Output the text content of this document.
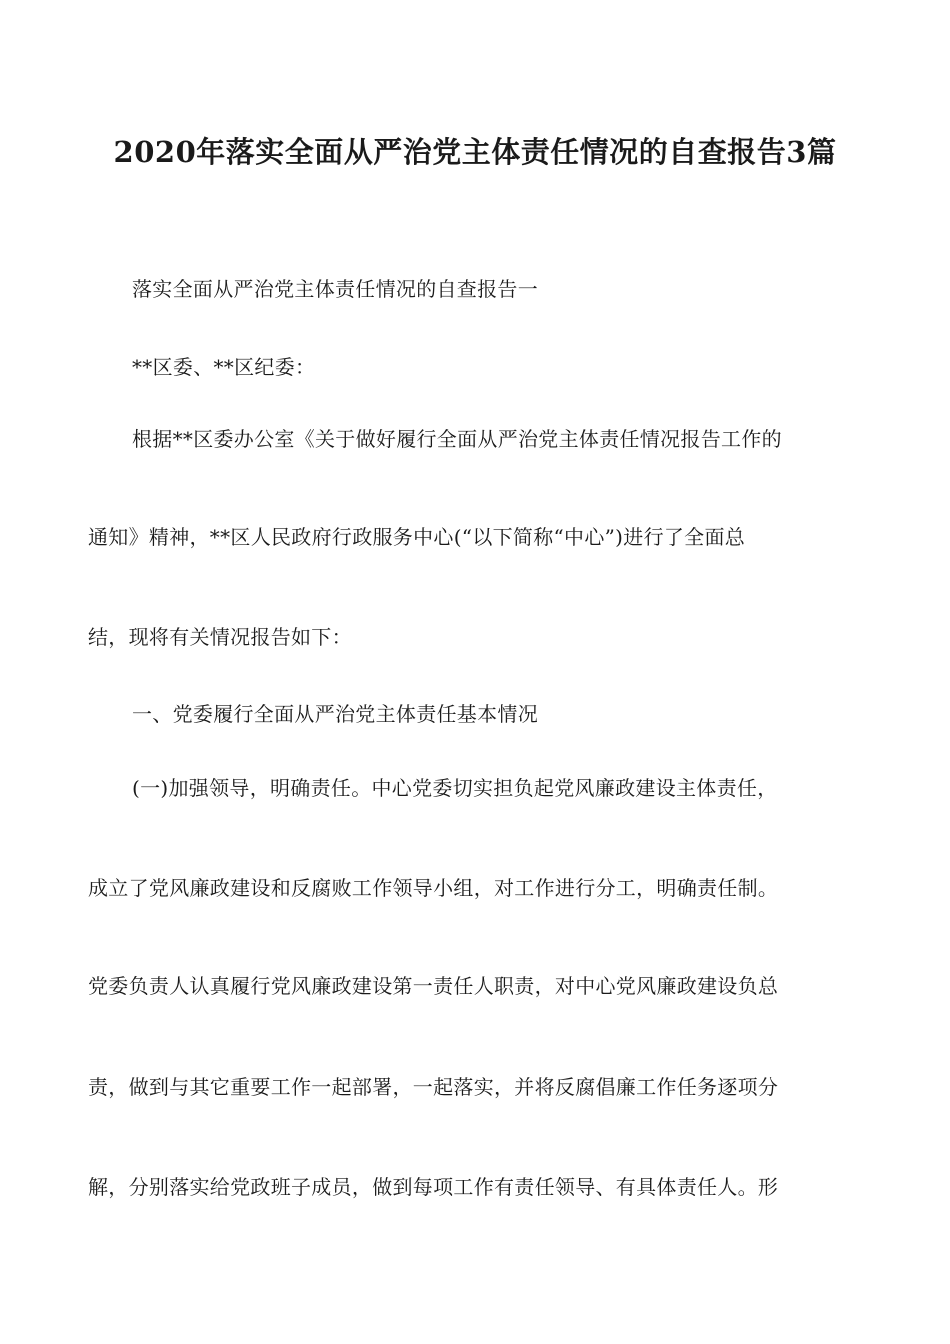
2020年落实全面从严治党主体责任情况的自查报告3篇
落实全面从严治党主体责任情况的自查报告一
**区委、**区纪委：
根据**区委办公室《关于做好履行全面从严治党主体责任情况报告工作的
通知》精神，**区人民政府行政服务中心(“以下简称“中心”)进行了全面总
结，现将有关情况报告如下：
一、党委履行全面从严治党主体责任基本情况
(一)加强领导，明确责任。中心党委切实担负起党风廉政建设主体责任，
成立了党风廉政建设和反腐败工作领导小组，对工作进行分工，明确责任制。
党委负责人认真履行党风廉政建设第一责任人职责，对中心党风廉政建设负总
责，做到与其它重要工作一起部署，一起落实，并将反腐倡廉工作任务逐项分
解，分别落实给党政班子成员，做到每项工作有责任领导、有具体责任人。形
